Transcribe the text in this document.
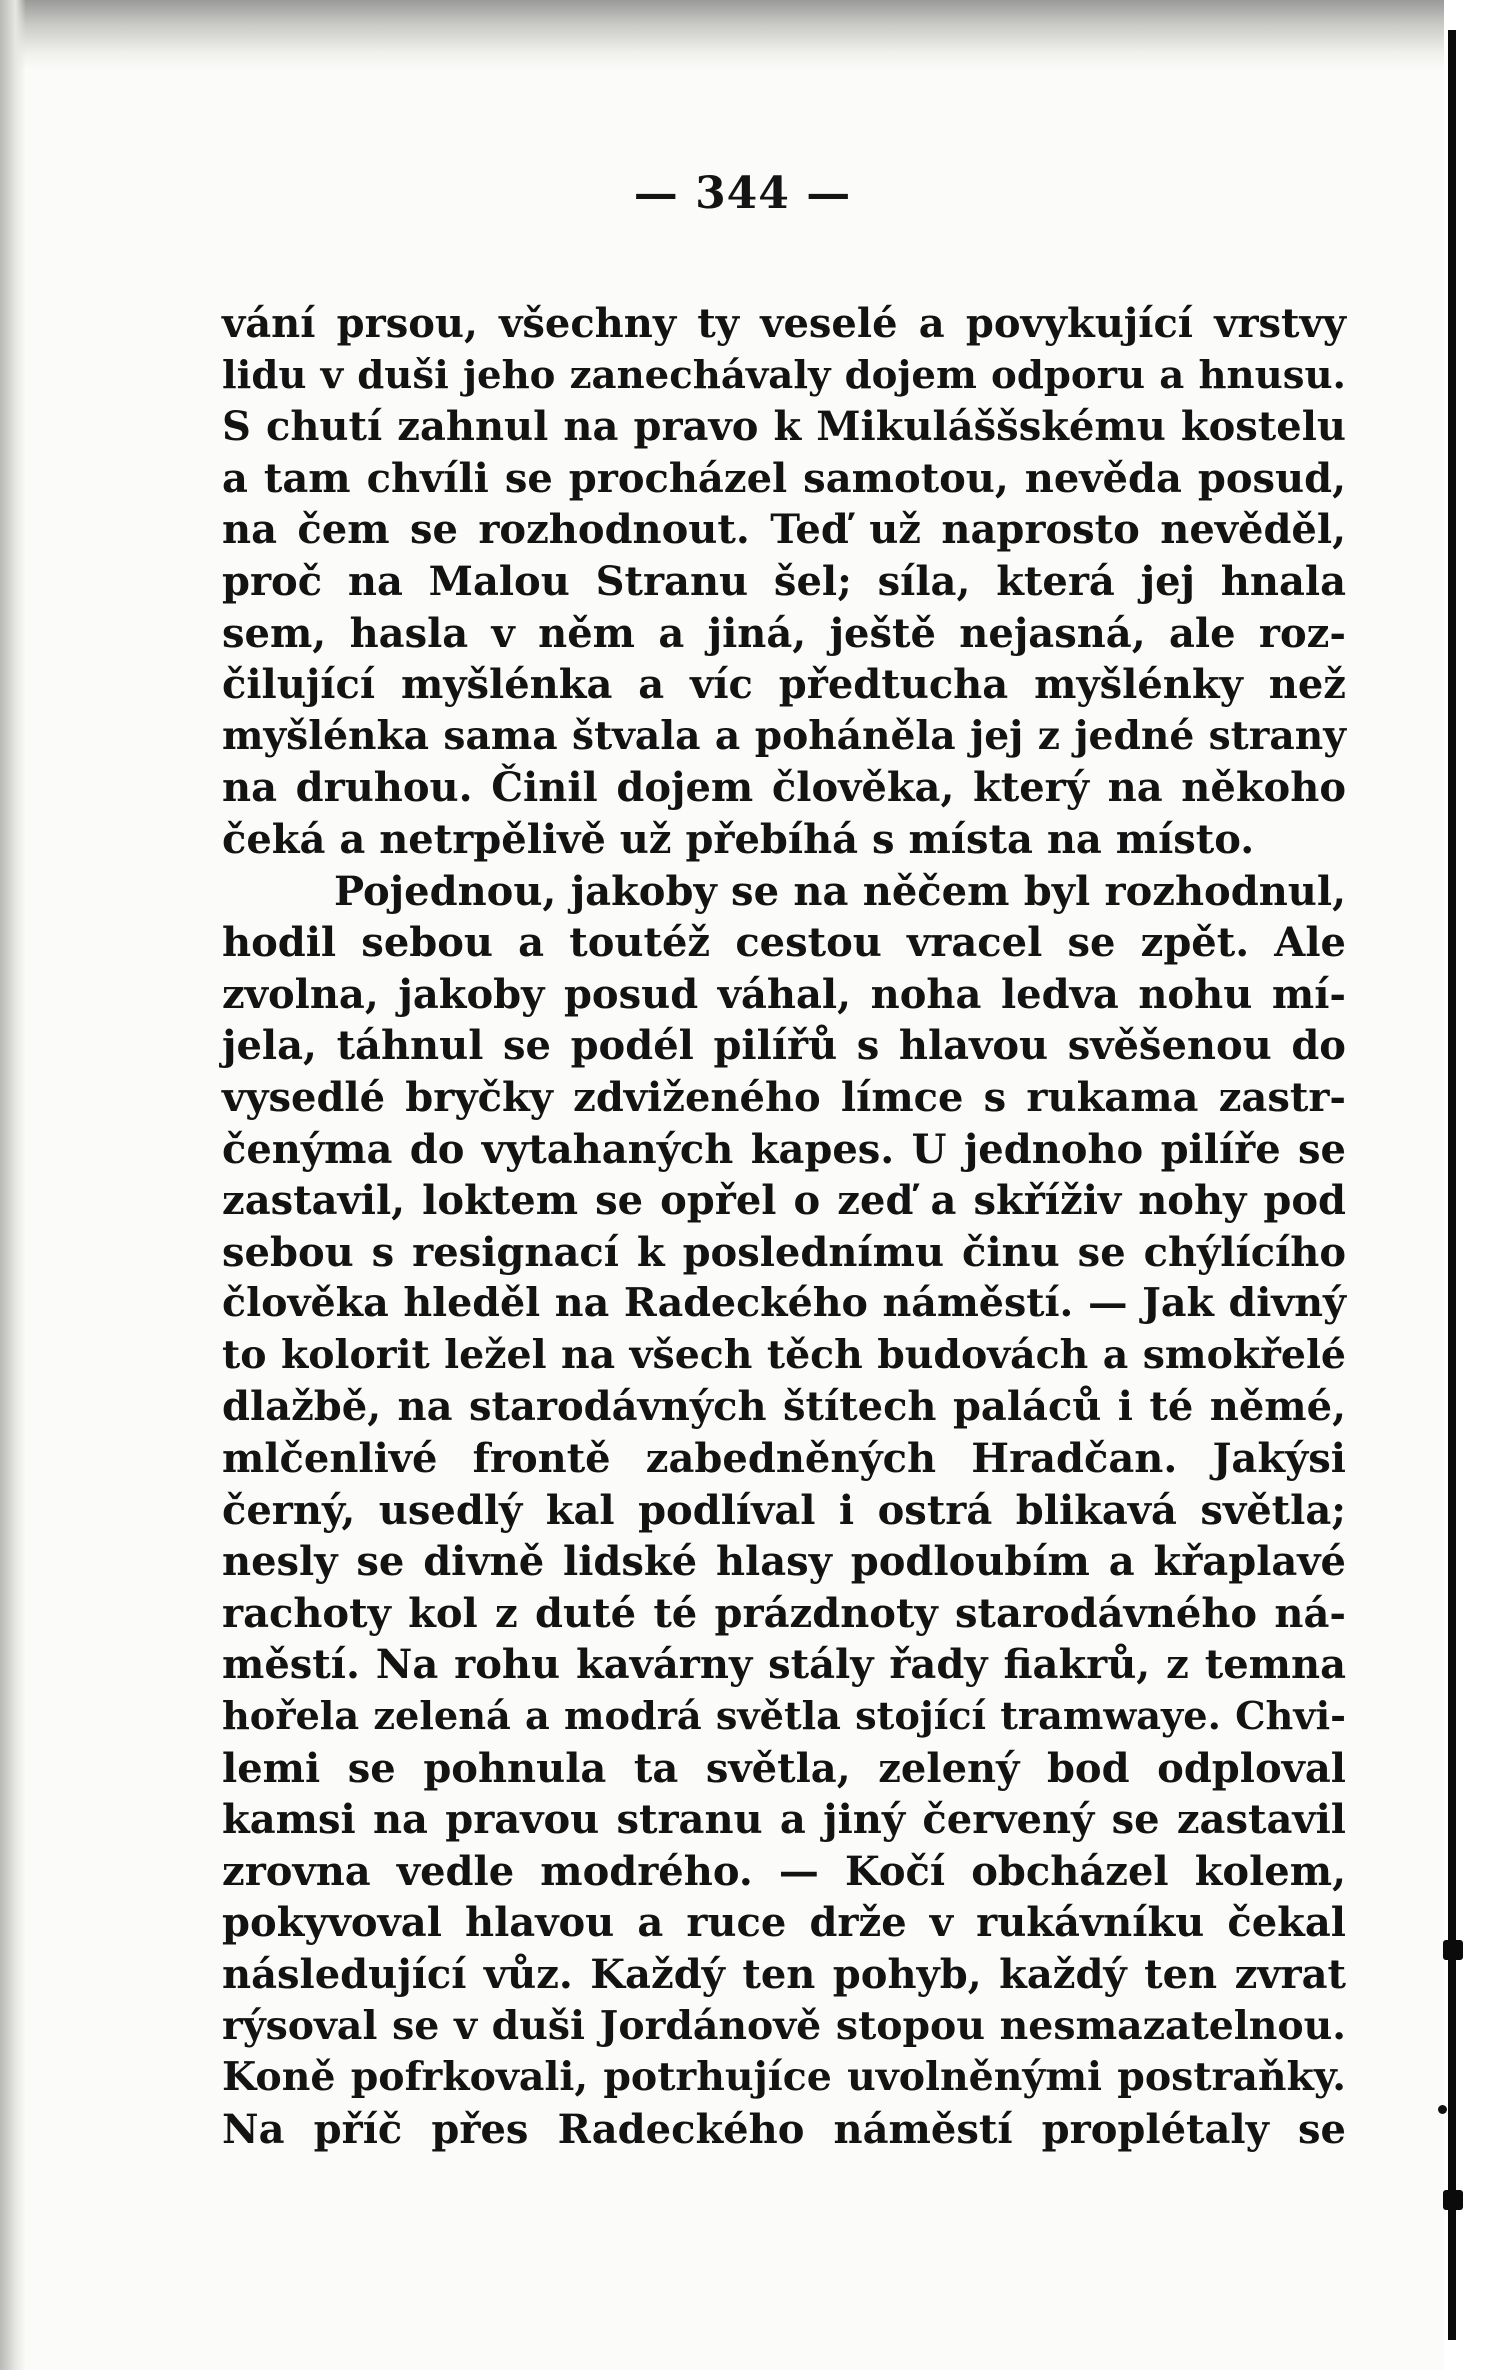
— 344 —
vání prsou, všechny ty veselé a povykující vrstvy
lidu v duši jeho zanechávaly dojem odporu a hnusu.
S chutí zahnul na pravo k Mikuláššskému kostelu
a tam chvíli se procházel samotou, nevěda posud,
na čem se rozhodnout. Teď už naprosto nevěděl,
proč na Malou Stranu šel; síla, která jej hnala
sem, hasla v něm a jiná, ještě nejasná, ale roz-
čilující myšlénka a víc předtucha myšlénky než
myšlénka sama štvala a poháněla jej z jedné strany
na druhou. Činil dojem člověka, který na někoho
čeká a netrpělivě už přebíhá s místa na místo.
Pojednou, jakoby se na něčem byl rozhodnul,
hodil sebou a toutéž cestou vracel se zpět. Ale
zvolna, jakoby posud váhal, noha ledva nohu mí-
jela, táhnul se podél pilířů s hlavou svěšenou do
vysedlé bryčky zdviženého límce s rukama zastr-
čenýma do vytahaných kapes. U jednoho pilíře se
zastavil, loktem se opřel o zeď a skříživ nohy pod
sebou s resignací k poslednímu činu se chýlícího
člověka hleděl na Radeckého náměstí. — Jak divný
to kolorit ležel na všech těch budovách a smokřelé
dlažbě, na starodávných štítech paláců i té němé,
mlčenlivé frontě zabedněných Hradčan. Jakýsi
černý, usedlý kal podlíval i ostrá blikavá světla;
nesly se divně lidské hlasy podloubím a křaplavé
rachoty kol z duté té prázdnoty starodávného ná-
městí. Na rohu kavárny stály řady fiakrů, z temna
hořela zelená a modrá světla stojící tramwaye. Chvi-
lemi se pohnula ta světla, zelený bod odploval
kamsi na pravou stranu a jiný červený se zastavil
zrovna vedle modrého. — Kočí obcházel kolem,
pokyvoval hlavou a ruce drže v rukávníku čekal
následující vůz. Každý ten pohyb, každý ten zvrat
rýsoval se v duši Jordánově stopou nesmazatelnou.
Koně pofrkovali, potrhujíce uvolněnými postraňky.
Na příč přes Radeckého náměstí proplétaly se
